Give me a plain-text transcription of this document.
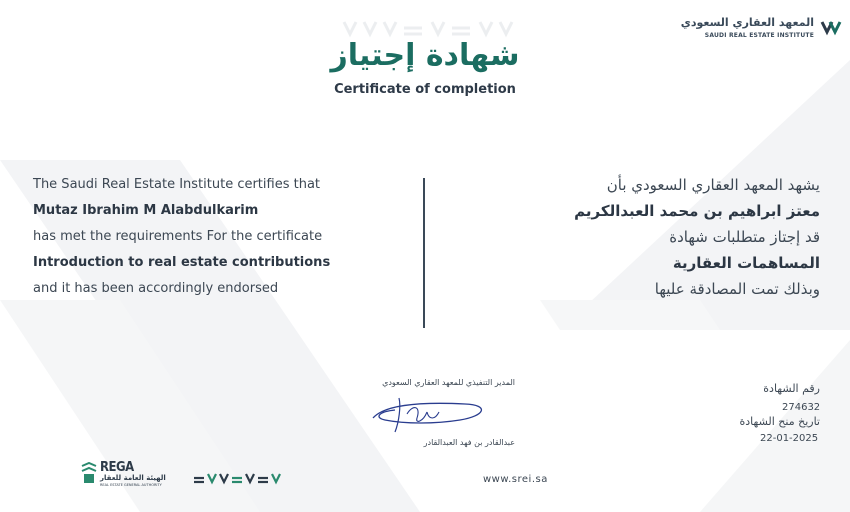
المعهد العقاري السعودي
SAUDI REAL ESTATE INSTITUTE
شهادة إجتياز
Certificate of completion
The Saudi Real Estate Institute certifies that
Mutaz Ibrahim M Alabdulkarim
has met the requirements For the certificate
Introduction to real estate contributions
and it has been accordingly endorsed
يشهد المعهد العقاري السعودي بأن
معتز ابراهيم بن محمد العبدالكريم
قد إجتاز متطلبات شهادة
المساهمات العقارية
وبذلك تمت المصادقة عليها
رقم الشهادة
274632
تاريخ منح الشهادة
22-01-2025
المدير التنفيذي للمعهد العقاري السعودي
عبدالقادر بن فهد العبدالقادر
www.srei.sa
REGA
الهيئة العامة للعقار
REAL ESTATE GENERAL AUTHORITY
